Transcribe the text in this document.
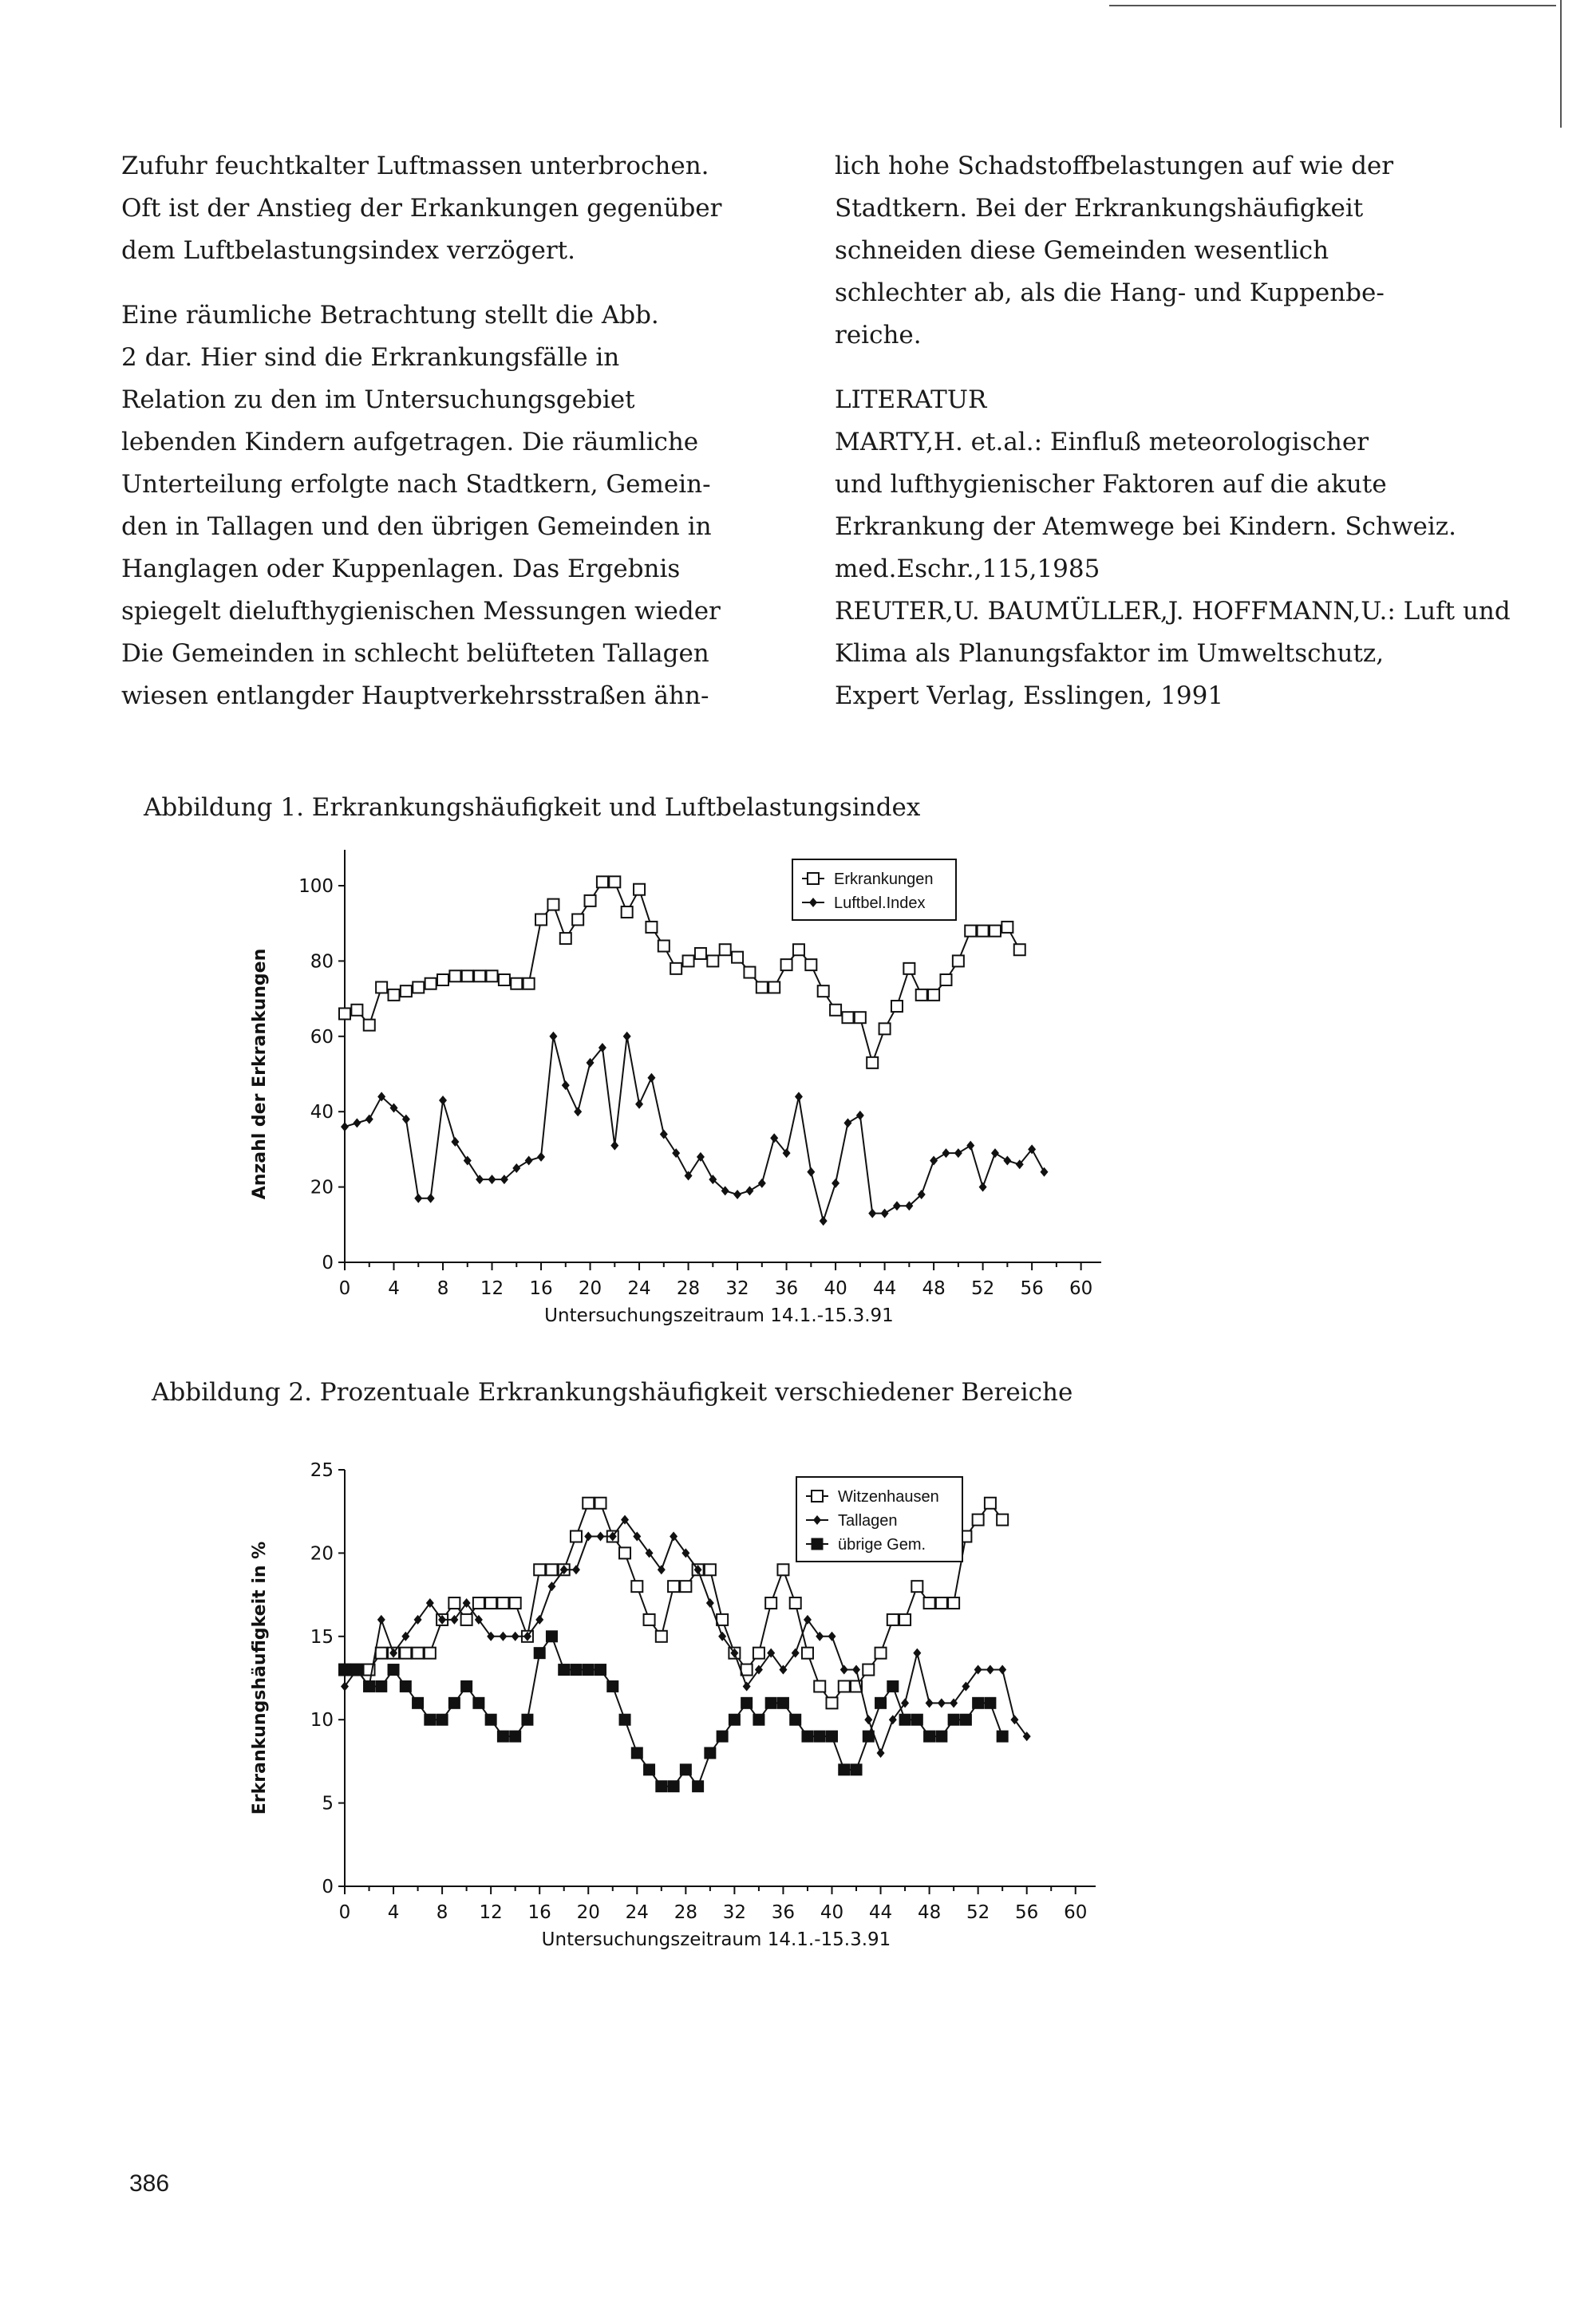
Zufuhr feuchtkalter Luftmassen unterbrochen.

Oft ist der Anstieg der Erkankungen gegenüber

dem Luftbelastungsindex verzögert.

Eine räumliche Betrachtung stellt die Abb.

2 dar. Hier sind die Erkrankungsfälle in

Relation zu den im Untersuchungsgebiet

lebenden Kindern aufgetragen. Die räumliche

Unterteilung erfolgte nach Stadtkern, Gemein-

den in Tallagen und den übrigen Gemeinden in

Hanglagen oder Kuppenlagen. Das Ergebnis

spiegelt dielufthygienischen Messungen wieder

Die Gemeinden in schlecht belüfteten Tallagen

wiesen entlangder Hauptverkehrsstraßen ähn-

lich hohe Schadstoffbelastungen auf wie der

Stadtkern. Bei der Erkrankungshäufigkeit

schneiden diese Gemeinden wesentlich

schlechter ab, als die Hang- und Kuppenbe-

reiche.

LITERATUR

MARTY,H. et.al.: Einfluß meteorologischer

und lufthygienischer Faktoren auf die akute

Erkrankung der Atemwege bei Kindern. Schweiz.

med.Eschr.,115,1985

REUTER,U. BAUMÜLLER,J. HOFFMANN,U.: Luft und

Klima als Planungsfaktor im Umweltschutz,

Expert Verlag, Esslingen, 1991

Abbildung 1. Erkrankungshäufigkeit und Luftbelastungsindex
0
20
40
60
80
100
0 4 8 12 16 20 24 28 32 36 40 44 48 52 56 60
Untersuchungszeitraum 14.1.-15.3.91
Anzahl der Erkrankungen
Erkrankungen
Luftbel.Index
Abbildung 2. Prozentuale Erkrankungshäufigkeit verschiedener Bereiche
0
5
10
15
20
25
0 4 8 12 16 20 24 28 32 36 40 44 48 52 56 60
Untersuchungszeitraum 14.1.-15.3.91
Erkrankungshäufigkeit in %
Witzenhausen
Tallagen
übrige Gem.
386
